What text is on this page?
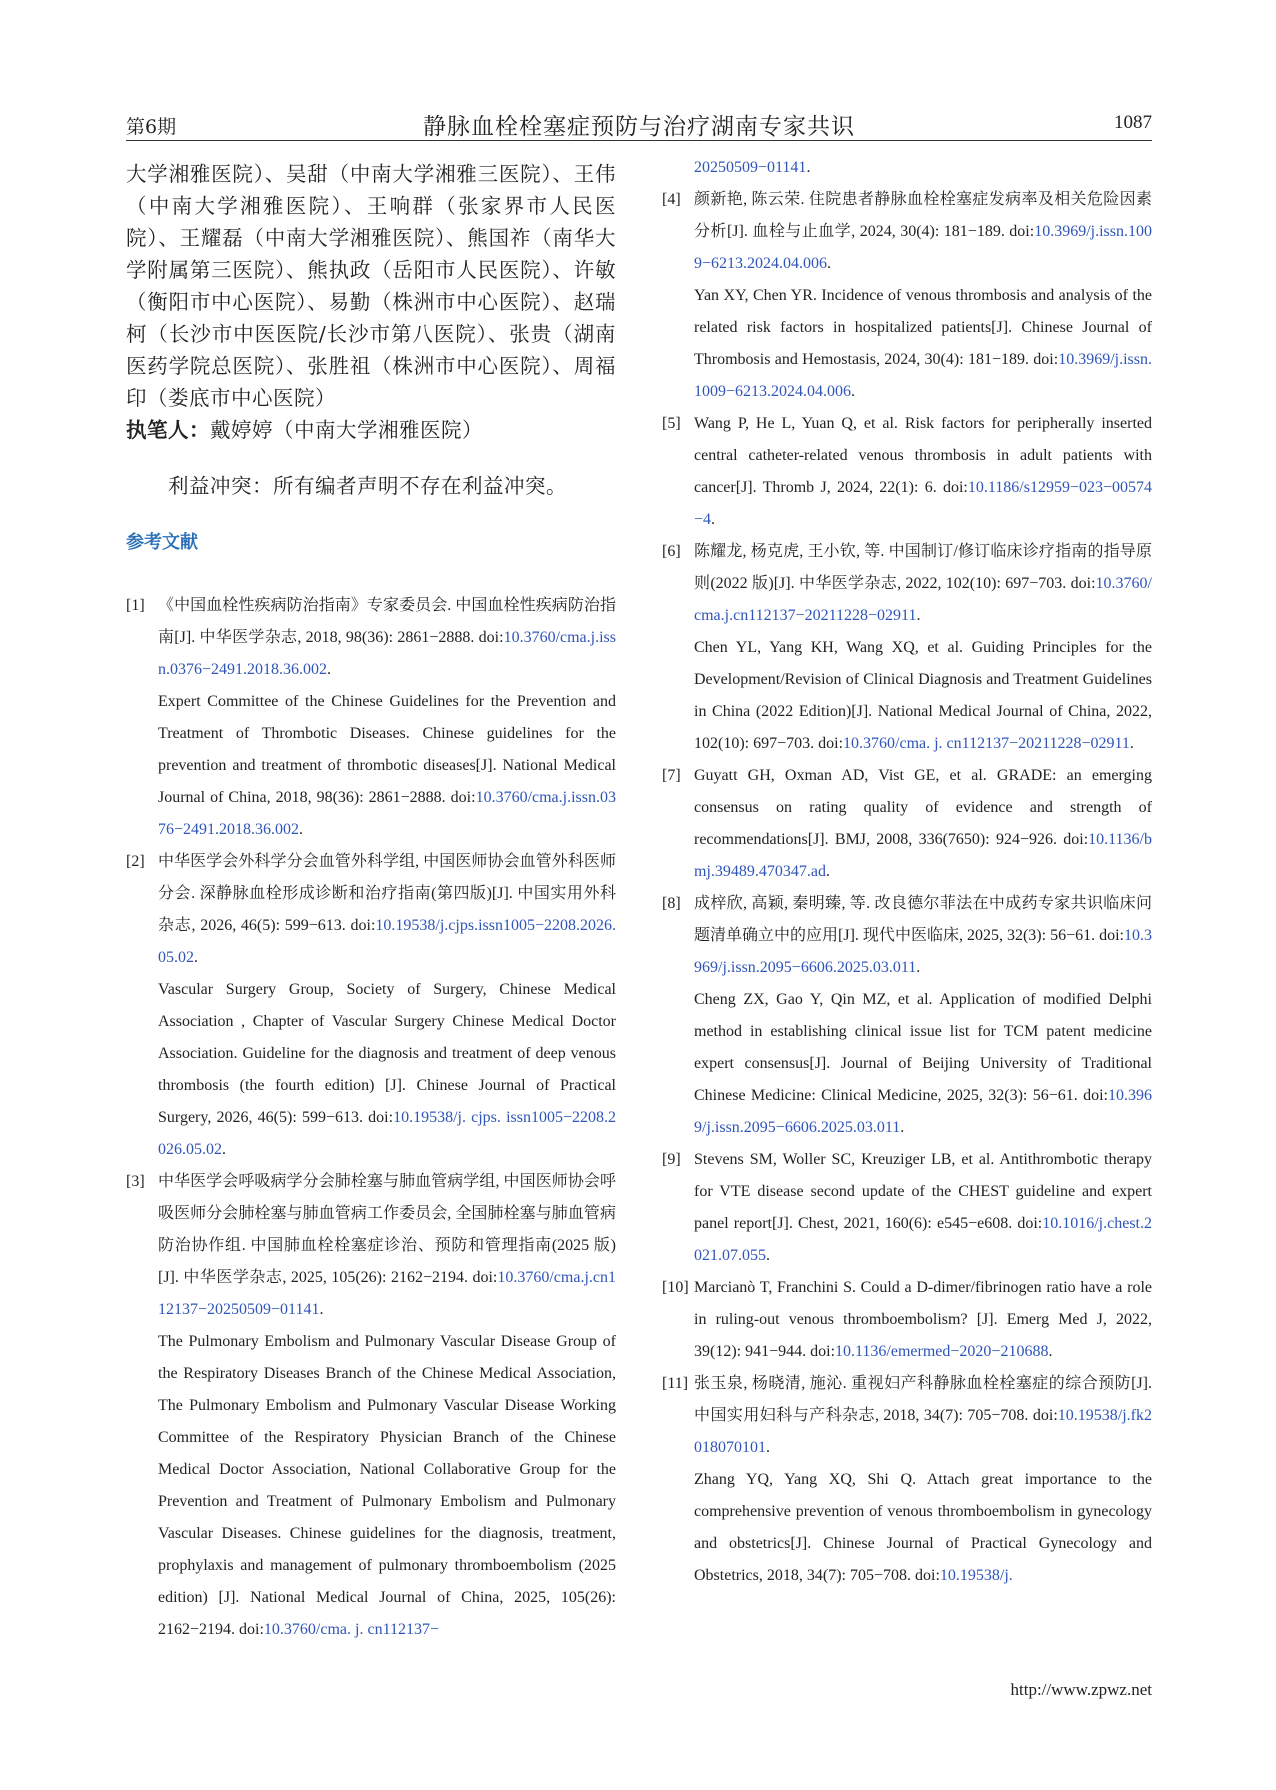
第6期	静脉血栓栓塞症预防与治疗湖南专家共识	1087
大学湘雅医院）、吴甜（中南大学湘雅三医院）、王伟（中南大学湘雅医院）、王响群（张家界市人民医院）、王耀磊（中南大学湘雅医院）、熊国祚（南华大学附属第三医院）、熊执政（岳阳市人民医院）、许敏（衡阳市中心医院）、易勤（株洲市中心医院）、赵瑞柯（长沙市中医医院/长沙市第八医院）、张贵（湖南医药学院总医院）、张胜祖（株洲市中心医院）、周福印（娄底市中心医院）
执笔人：戴婷婷（中南大学湘雅医院）
利益冲突：所有编者声明不存在利益冲突。
参考文献
[1] 《中国血栓性疾病防治指南》专家委员会. 中国血栓性疾病防治指南[J]. 中华医学杂志, 2018, 98(36): 2861−2888. doi:10.3760/cma.j.issn.0376−2491.2018.36.002.
Expert Committee of the Chinese Guidelines for the Prevention and Treatment of Thrombotic Diseases. Chinese guidelines for the prevention and treatment of thrombotic diseases[J]. National Medical Journal of China, 2018, 98(36): 2861−2888. doi:10.3760/cma.j.issn.0376−2491.2018.36.002.
[2] 中华医学会外科学分会血管外科学组, 中国医师协会血管外科医师分会. 深静脉血栓形成诊断和治疗指南(第四版)[J]. 中国实用外科杂志, 2026, 46(5): 599−613. doi:10.19538/j.cjps.issn1005−2208.2026.05.02.
Vascular Surgery Group, Society of Surgery, Chinese Medical Association , Chapter of Vascular Surgery Chinese Medical Doctor Association. Guideline for the diagnosis and treatment of deep venous thrombosis (the fourth edition) [J]. Chinese Journal of Practical Surgery, 2026, 46(5): 599−613. doi:10.19538/j. cjps. issn1005−2208.2026.05.02.
[3] 中华医学会呼吸病学分会肺栓塞与肺血管病学组, 中国医师协会呼吸医师分会肺栓塞与肺血管病工作委员会, 全国肺栓塞与肺血管病防治协作组. 中国肺血栓栓塞症诊治、预防和管理指南(2025 版) [J]. 中华医学杂志, 2025, 105(26): 2162−2194. doi:10.3760/cma.j.cn112137−20250509−01141.
The Pulmonary Embolism and Pulmonary Vascular Disease Group of the Respiratory Diseases Branch of the Chinese Medical Association, The Pulmonary Embolism and Pulmonary Vascular Disease Working Committee of the Respiratory Physician Branch of the Chinese Medical Doctor Association, National Collaborative Group for the Prevention and Treatment of Pulmonary Embolism and Pulmonary Vascular Diseases. Chinese guidelines for the diagnosis, treatment, prophylaxis and management of pulmonary thromboembolism (2025 edition) [J]. National Medical Journal of China, 2025, 105(26): 2162−2194. doi:10.3760/cma. j. cn112137−
20250509−01141.
[4] 颜新艳, 陈云荣. 住院患者静脉血栓栓塞症发病率及相关危险因素分析[J]. 血栓与止血学, 2024, 30(4): 181−189. doi:10.3969/j.issn.1009−6213.2024.04.006.
Yan XY, Chen YR. Incidence of venous thrombosis and analysis of the related risk factors in hospitalized patients[J]. Chinese Journal of Thrombosis and Hemostasis, 2024, 30(4): 181−189. doi:10.3969/j.issn.1009−6213.2024.04.006.
[5] Wang P, He L, Yuan Q, et al. Risk factors for peripherally inserted central catheter-related venous thrombosis in adult patients with cancer[J]. Thromb J, 2024, 22(1): 6. doi:10.1186/s12959−023−00574−4.
[6] 陈耀龙, 杨克虎, 王小钦, 等. 中国制订/修订临床诊疗指南的指导原则(2022 版)[J]. 中华医学杂志, 2022, 102(10): 697−703. doi:10.3760/cma.j.cn112137−20211228−02911.
Chen YL, Yang KH, Wang XQ, et al. Guiding Principles for the Development/Revision of Clinical Diagnosis and Treatment Guidelines in China (2022 Edition)[J]. National Medical Journal of China, 2022, 102(10): 697−703. doi:10.3760/cma. j. cn112137−20211228−02911.
[7] Guyatt GH, Oxman AD, Vist GE, et al. GRADE: an emerging consensus on rating quality of evidence and strength of recommendations[J]. BMJ, 2008, 336(7650): 924−926. doi:10.1136/bmj.39489.470347.ad.
[8] 成梓欣, 高颖, 秦明臻, 等. 改良德尔菲法在中成药专家共识临床问题清单确立中的应用[J]. 现代中医临床, 2025, 32(3): 56−61. doi:10.3969/j.issn.2095−6606.2025.03.011.
Cheng ZX, Gao Y, Qin MZ, et al. Application of modified Delphi method in establishing clinical issue list for TCM patent medicine expert consensus[J]. Journal of Beijing University of Traditional Chinese Medicine: Clinical Medicine, 2025, 32(3): 56−61. doi:10.3969/j.issn.2095−6606.2025.03.011.
[9] Stevens SM, Woller SC, Kreuziger LB, et al. Antithrombotic therapy for VTE disease second update of the CHEST guideline and expert panel report[J]. Chest, 2021, 160(6): e545−e608. doi:10.1016/j.chest.2021.07.055.
[10] Marcianò T, Franchini S. Could a D-dimer/fibrinogen ratio have a role in ruling-out venous thromboembolism? [J]. Emerg Med J, 2022, 39(12): 941−944. doi:10.1136/emermed−2020−210688.
[11] 张玉泉, 杨晓清, 施沁. 重视妇产科静脉血栓栓塞症的综合预防[J]. 中国实用妇科与产科杂志, 2018, 34(7): 705−708. doi:10.19538/j.fk2018070101.
Zhang YQ, Yang XQ, Shi Q. Attach great importance to the comprehensive prevention of venous thromboembolism in gynecology and obstetrics[J]. Chinese Journal of Practical Gynecology and Obstetrics, 2018, 34(7): 705−708. doi:10.19538/j.
http://www.zpwz.net
